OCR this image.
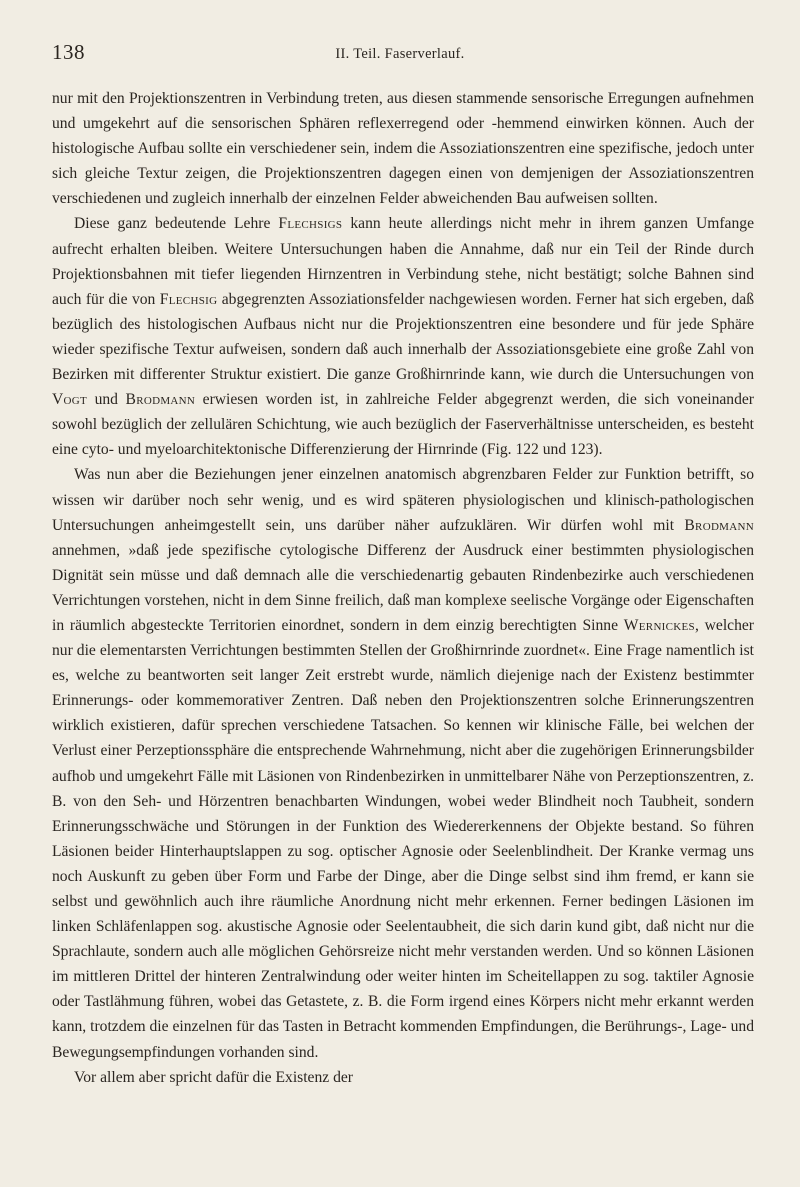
138	II. Teil. Faserverlauf.

nur mit den Projektionszentren in Verbindung treten, aus diesen stammende sensorische Erregungen aufnehmen und umgekehrt auf die sensorischen Sphären reflexerregend oder -hemmend einwirken können. Auch der histologische Aufbau sollte ein verschiedener sein, indem die Assoziationszentren eine spezifische, jedoch unter sich gleiche Textur zeigen, die Projektionszentren dagegen einen von demjenigen der Assoziationszentren verschiedenen und zugleich innerhalb der einzelnen Felder abweichenden Bau aufweisen sollten.

Diese ganz bedeutende Lehre Flechsigs kann heute allerdings nicht mehr in ihrem ganzen Umfange aufrecht erhalten bleiben. Weitere Untersuchungen haben die Annahme, daß nur ein Teil der Rinde durch Projektionsbahnen mit tiefer liegenden Hirnzentren in Verbindung stehe, nicht bestätigt; solche Bahnen sind auch für die von Flechsig abgegrenzten Assoziationsfelder nachgewiesen worden. Ferner hat sich ergeben, daß bezüglich des histologischen Aufbaus nicht nur die Projektionszentren eine besondere und für jede Sphäre wieder spezifische Textur aufweisen, sondern daß auch innerhalb der Assoziationsgebiete eine große Zahl von Bezirken mit differenter Struktur existiert. Die ganze Großhirnrinde kann, wie durch die Untersuchungen von Vogt und Brodmann erwiesen worden ist, in zahlreiche Felder abgegrenzt werden, die sich voneinander sowohl bezüglich der zellulären Schichtung, wie auch bezüglich der Faserverhältnisse unterscheiden, es besteht eine cyto- und myeloarchitektonische Differenzierung der Hirnrinde (Fig. 122 und 123).

Was nun aber die Beziehungen jener einzelnen anatomisch abgrenzbaren Felder zur Funktion betrifft, so wissen wir darüber noch sehr wenig, und es wird späteren physiologischen und klinisch-pathologischen Untersuchungen anheimgestellt sein, uns darüber näher aufzuklären. Wir dürfen wohl mit Brodmann annehmen, »daß jede spezifische cytologische Differenz der Ausdruck einer bestimmten physiologischen Dignität sein müsse und daß demnach alle die verschiedenartig gebauten Rindenbezirke auch verschiedenen Verrichtungen vorstehen, nicht in dem Sinne freilich, daß man komplexe seelische Vorgänge oder Eigenschaften in räumlich abgesteckte Territorien einordnet, sondern in dem einzig berechtigten Sinne Wernickes, welcher nur die elementarsten Verrichtungen bestimmten Stellen der Großhirnrinde zuordnet«. Eine Frage namentlich ist es, welche zu beantworten seit langer Zeit erstrebt wurde, nämlich diejenige nach der Existenz bestimmter Erinnerungs- oder kommemorativer Zentren. Daß neben den Projektionszentren solche Erinnerungszentren wirklich existieren, dafür sprechen verschiedene Tatsachen. So kennen wir klinische Fälle, bei welchen der Verlust einer Perzeptionssphäre die entsprechende Wahrnehmung, nicht aber die zugehörigen Erinnerungsbilder aufhob und umgekehrt Fälle mit Läsionen von Rindenbezirken in unmittelbarer Nähe von Perzeptionszentren, z. B. von den Seh- und Hörzentren benachbarten Windungen, wobei weder Blindheit noch Taubheit, sondern Erinnerungsschwäche und Störungen in der Funktion des Wiedererkennens der Objekte bestand. So führen Läsionen beider Hinterhauptslappen zu sog. optischer Agnosie oder Seelenblindheit. Der Kranke vermag uns noch Auskunft zu geben über Form und Farbe der Dinge, aber die Dinge selbst sind ihm fremd, er kann sie selbst und gewöhnlich auch ihre räumliche Anordnung nicht mehr erkennen. Ferner bedingen Läsionen im linken Schläfenlappen sog. akustische Agnosie oder Seelentaubheit, die sich darin kund gibt, daß nicht nur die Sprachlaute, sondern auch alle möglichen Gehörsreize nicht mehr verstanden werden. Und so können Läsionen im mittleren Drittel der hinteren Zentralwindung oder weiter hinten im Scheitellappen zu sog. taktiler Agnosie oder Tastlähmung führen, wobei das Getastete, z. B. die Form irgend eines Körpers nicht mehr erkannt werden kann, trotzdem die einzelnen für das Tasten in Betracht kommenden Empfindungen, die Berührungs-, Lage- und Bewegungsempfindungen vorhanden sind.

Vor allem aber spricht dafür die Existenz der
